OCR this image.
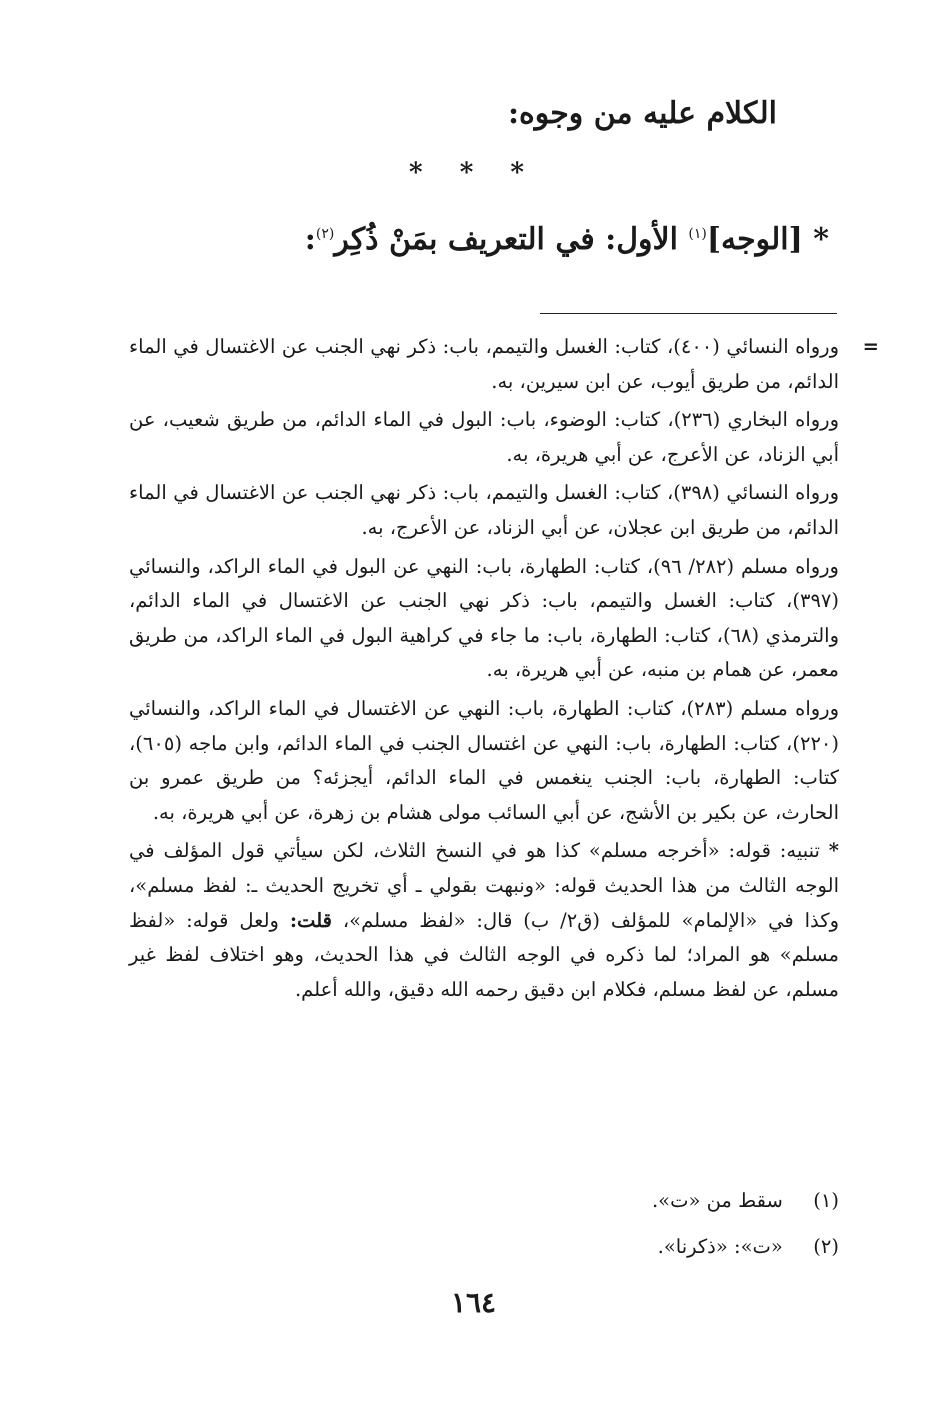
الكلام عليه من وجوه:
* * *
* [الوجه]$^{(١)}$ الأول: في التعريف بمَنْ ذُكِر$^{(٢)}$:

=
ورواه النسائي (٤٠٠)، كتاب: الغسل والتيمم، باب: ذكر نهي الجنب عن الاغتسال في الماء الدائم، من طريق أيوب، عن ابن سيرين، به.

ورواه البخاري (٢٣٦)، كتاب: الوضوء، باب: البول في الماء الدائم، من طريق شعيب، عن أبي الزناد، عن الأعرج، عن أبي هريرة، به.

ورواه النسائي (٣٩٨)، كتاب: الغسل والتيمم، باب: ذكر نهي الجنب عن الاغتسال في الماء الدائم، من طريق ابن عجلان، عن أبي الزناد، عن الأعرج، به.

ورواه مسلم (٢٨٢/ ٩٦)، كتاب: الطهارة، باب: النهي عن البول في الماء الراكد، والنسائي (٣٩٧)، كتاب: الغسل والتيمم، باب: ذكر نهي الجنب عن الاغتسال في الماء الدائم، والترمذي (٦٨)، كتاب: الطهارة، باب: ما جاء في كراهية البول في الماء الراكد، من طريق معمر، عن همام بن منبه، عن أبي هريرة، به.

ورواه مسلم (٢٨٣)، كتاب: الطهارة، باب: النهي عن الاغتسال في الماء الراكد، والنسائي (٢٢٠)، كتاب: الطهارة، باب: النهي عن اغتسال الجنب في الماء الدائم، وابن ماجه (٦٠٥)، كتاب: الطهارة، باب: الجنب ينغمس في الماء الدائم، أيجزئه؟ من طريق عمرو بن الحارث، عن بكير بن الأشج، عن أبي السائب مولى هشام بن زهرة، عن أبي هريرة، به.

* تنبيه: قوله: «أخرجه مسلم» كذا هو في النسخ الثلاث، لكن سيأتي قول المؤلف في الوجه الثالث من هذا الحديث قوله: «ونبهت بقولي ـ أي تخريج الحديث ـ: لفظ مسلم»، وكذا في «الإلمام» للمؤلف (ق٢/ ب) قال: «لفظ مسلم»، قلت: ولعل قوله: «لفظ مسلم» هو المراد؛ لما ذكره في الوجه الثالث في هذا الحديث، وهو اختلاف لفظ غير مسلم، عن لفظ مسلم، فكلام ابن دقيق رحمه الله دقيق، والله أعلم.

(١) سقط من «ت».
(٢) «ت»: «ذكرنا».
١٦٤
